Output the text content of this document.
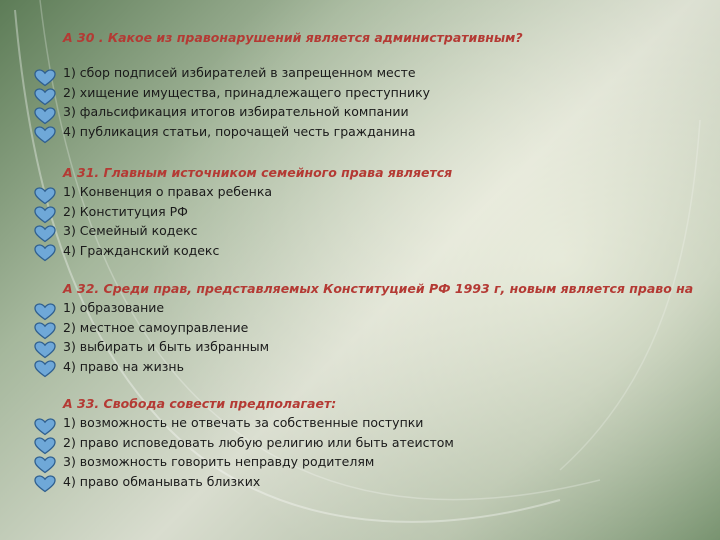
А 30 . Какое из правонарушений является административным?
1) сбор подписей избирателей в запрещенном месте
2) хищение имущества, принадлежащего преступнику
3) фальсификация итогов избирательной компании
4) публикация статьи, порочащей честь гражданина
А 31. Главным источником семейного права является
1) Конвенция о правах ребенка
2) Конституция РФ
3) Семейный кодекс
4) Гражданский кодекс
А 32. Среди прав, представляемых Конституцией РФ 1993 г, новым является право на
1) образование
2) местное самоуправление
3) выбирать и быть избранным
4) право на жизнь
А 33. Свобода совести предполагает:
1) возможность не отвечать за собственные поступки
2) право исповедовать любую религию или быть атеистом
3) возможность говорить неправду родителям
4) право обманывать близких
